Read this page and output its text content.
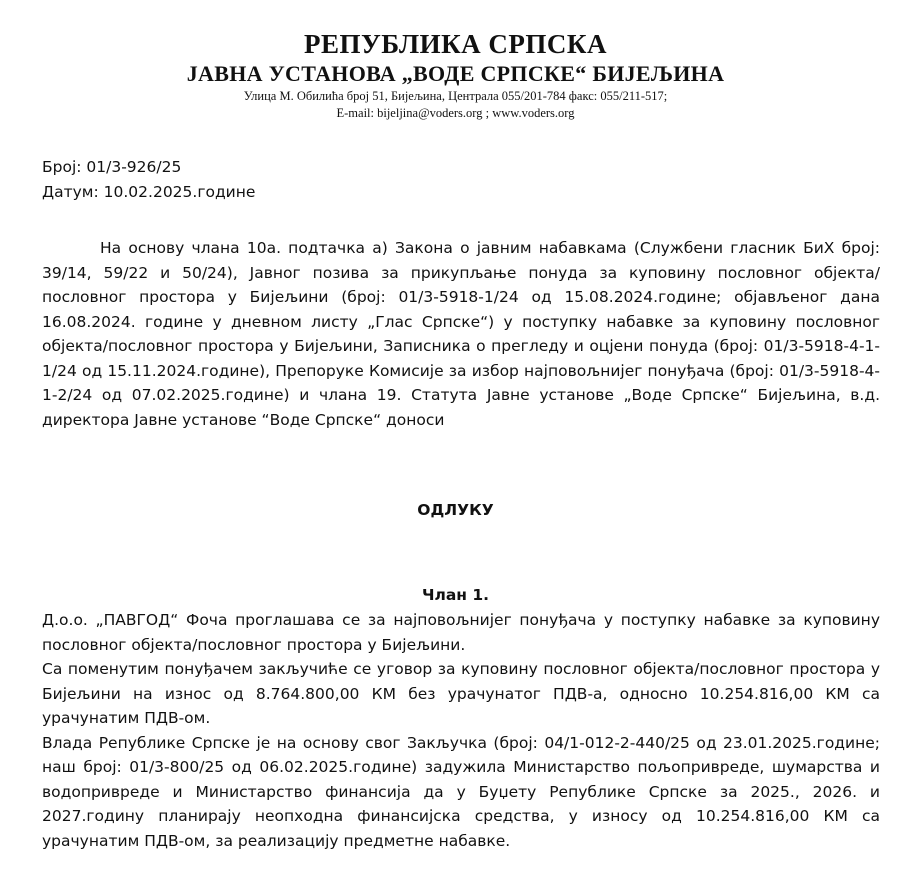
РЕПУБЛИКА СРПСКА
ЈАВНА УСТАНОВА „ВОДЕ СРПСКЕ“ БИЈЕЉИНА
Улица М. Обилића број 51, Бијељина, Централа 055/201-784 факс: 055/211-517;
E-mail: bijeljina@voders.org ; www.voders.org
Број: 01/3-926/25
Датум: 10.02.2025.године

На основу члана 10а. подтачка а) Закона о јавним набавкама (Службени гласник БиХ број: 39/14, 59/22 и 50/24), Јавног позива за прикупљање понуда за куповину пословног објекта/пословног простора у Бијељини (број: 01/3-5918-1/24 од 15.08.2024.године; објављеног дана 16.08.2024. године у дневном листу „Глас Српске“) у поступку набавке за куповину пословног објекта/пословног простора у Бијељини, Записника о прегледу и оцјени понуда (број: 01/3-5918-4-1-1/24 од 15.11.2024.године), Препоруке Комисије за избор најповољнијег понуђача (број: 01/3-5918-4-1-2/24 од 07.02.2025.године) и члана 19. Статута Јавне установе „Воде Српске“ Бијељина, в.д. директора Јавне установе “Воде Српске“ доноси

ОДЛУКУ
Члан 1.

Д.о.о. „ПАВГОД“ Фоча проглашава се за најповољнијег понуђача у поступку набавке за куповину пословног објекта/пословног простора у Бијељини.

Са поменутим понуђачем закључиће се уговор за куповину пословног објекта/пословног простора у Бијељини на износ од 8.764.800,00 КМ без урачунатог ПДВ-а, односно 10.254.816,00 КМ са урачунатим ПДВ-ом.

Влада Републике Српске је на основу свог Закључка (број: 04/1-012-2-440/25 од 23.01.2025.године; наш број: 01/3-800/25 од 06.02.2025.године) задужила Министарство пољопривреде, шумарства и водопривреде и Министарство финансија да у Буџету Републике Српске за 2025., 2026. и 2027.годину планирају неопходна финансијска средства, у износу од 10.254.816,00 КМ са урачунатим ПДВ-ом, за реализацију предметне набавке.
